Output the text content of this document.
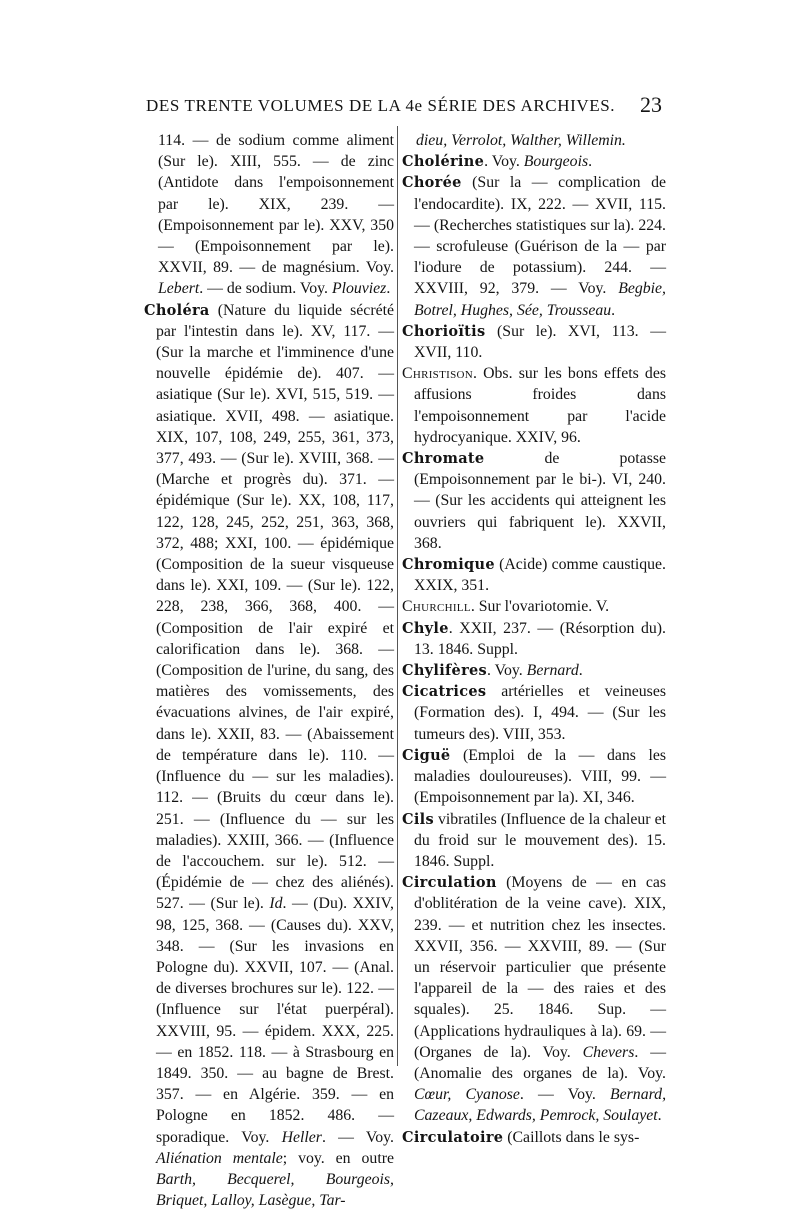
DES TRENTE VOLUMES DE LA 4e SÉRIE DES ARCHIVES. 23

114. — de sodium comme aliment (Sur le). XIII, 555. — de zinc (Antidote dans l'empoisonnement par le). XIX, 239. — (Empoisonnement par le). XXV, 350 — (Empoisonnement par le). XXVII, 89. — de magnésium. Voy. Lebert. — de sodium. Voy. Plouviez.

Choléra (Nature du liquide sécrété par l'intestin dans le). XV, 117. — (Sur la marche et l'imminence d'une nouvelle épidémie de). 407. — asiatique (Sur le). XVI, 515, 519. — asiatique. XVII, 498. — asiatique. XIX, 107, 108, 249, 255, 361, 373, 377, 493. — (Sur le). XVIII, 368. — (Marche et progrès du). 371. — épidémique (Sur le). XX, 108, 117, 122, 128, 245, 252, 251, 363, 368, 372, 488; XXI, 100. — épidémique (Composition de la sueur visqueuse dans le). XXI, 109. — (Sur le). 122, 228, 238, 366, 368, 400. — (Composition de l'air expiré et calorification dans le). 368. — (Composition de l'urine, du sang, des matières des vomissements, des évacuations alvines, de l'air expiré, dans le). XXII, 83. — (Abaissement de température dans le). 110. — (Influence du — sur les maladies). 112. — (Bruits du cœur dans le). 251. — (Influence du — sur les maladies). XXIII, 366. — (Influence de l'accouchem. sur le). 512. — (Épidémie de — chez des aliénés). 527. — (Sur le). Id. — (Du). XXIV, 98, 125, 368. — (Causes du). XXV, 348. — (Sur les invasions en Pologne du). XXVII, 107. — (Anal. de diverses brochures sur le). 122. — (Influence sur l'état puerpéral). XXVIII, 95. — épidem. XXX, 225. — en 1852. 118. — à Strasbourg en 1849. 350. — au bagne de Brest. 357. — en Algérie. 359. — en Pologne en 1852. 486. — sporadique. Voy. Heller. — Voy. Aliénation mentale; voy. en outre Barth, Becquerel, Bourgeois, Briquet, Lalloy, Lasègue, Tar-

dieu, Verrolot, Walther, Willemin.

Cholérine. Voy. Bourgeois.

Chorée (Sur la — complication de l'endocardite). IX, 222. — XVII, 115. — (Recherches statistiques sur la). 224. — scrofuleuse (Guérison de la — par l'iodure de potassium). 244. — XXVIII, 92, 379. — Voy. Begbie, Botrel, Hughes, Sée, Trousseau.

Chorioïtis (Sur le). XVI, 113. — XVII, 110.

Christison. Obs. sur les bons effets des affusions froides dans l'empoisonnement par l'acide hydrocyanique. XXIV, 96.

Chromate de potasse (Empoisonnement par le bi-). VI, 240. — (Sur les accidents qui atteignent les ouvriers qui fabriquent le). XXVII, 368.

Chromique (Acide) comme caustique. XXIX, 351.

Churchill. Sur l'ovariotomie. V.

Chyle. XXII, 237. — (Résorption du). 13. 1846. Suppl.

Chylifères. Voy. Bernard.

Cicatrices artérielles et veineuses (Formation des). I, 494. — (Sur les tumeurs des). VIII, 353.

Ciguë (Emploi de la — dans les maladies douloureuses). VIII, 99. — (Empoisonnement par la). XI, 346.

Cils vibratiles (Influence de la chaleur et du froid sur le mouvement des). 15. 1846. Suppl.

Circulation (Moyens de — en cas d'oblitération de la veine cave). XIX, 239. — et nutrition chez les insectes. XXVII, 356. — XXVIII, 89. — (Sur un réservoir particulier que présente l'appareil de la — des raies et des squales). 25. 1846. Sup. — (Applications hydrauliques à la). 69. — (Organes de la). Voy. Chevers. — (Anomalie des organes de la). Voy. Cœur, Cyanose. — Voy. Bernard, Cazeaux, Edwards, Pemrock, Soulayet.

Circulatoire (Caillots dans le sys-
